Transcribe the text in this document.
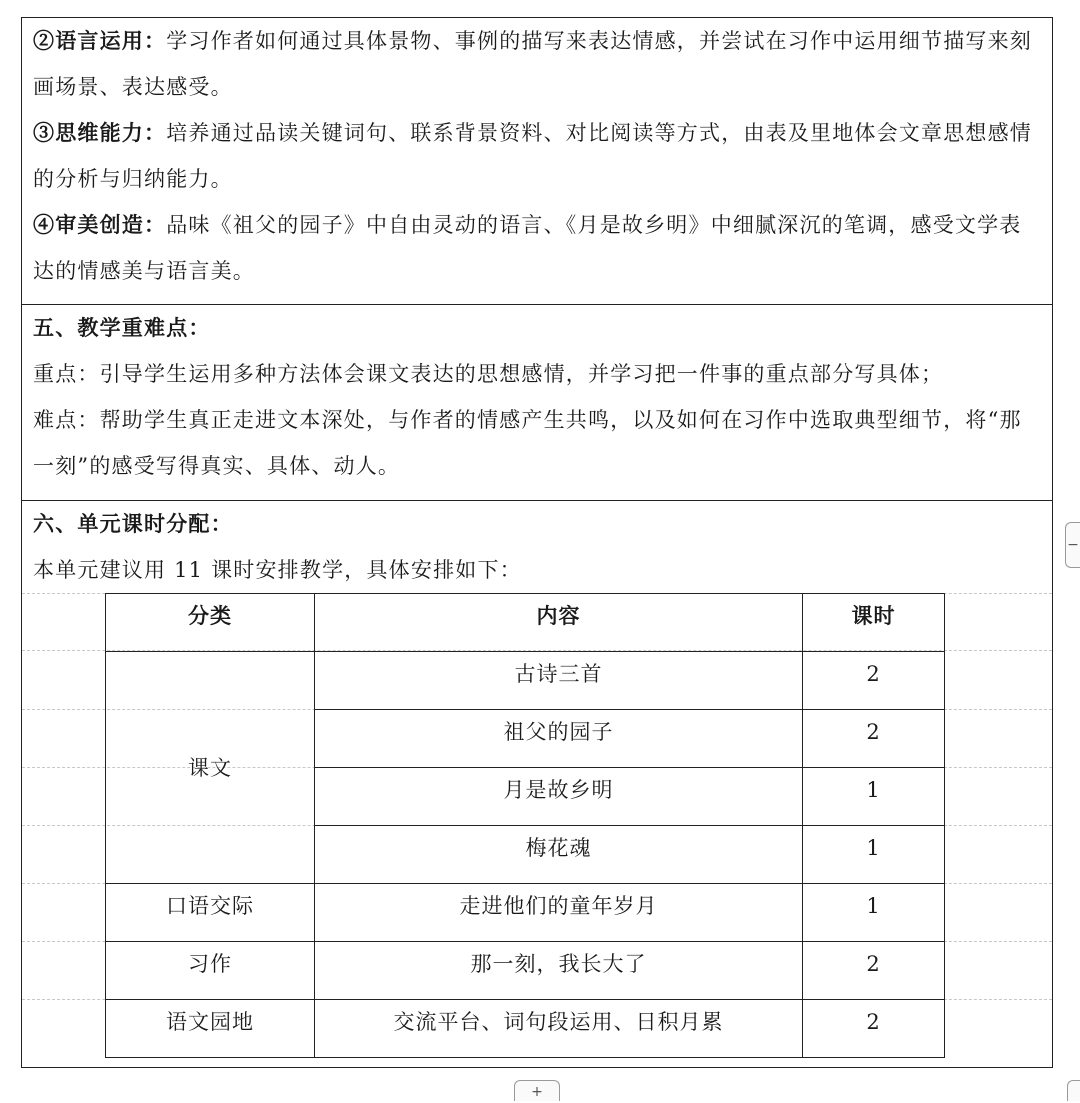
②语言运用：学习作者如何通过具体景物、事例的描写来表达情感，并尝试在习作中运用细节描写来刻画场景、表达感受。

③思维能力：培养通过品读关键词句、联系背景资料、对比阅读等方式，由表及里地体会文章思想感情的分析与归纳能力。

④审美创造：品味《祖父的园子》中自由灵动的语言、《月是故乡明》中细腻深沉的笔调，感受文学表达的情感美与语言美。

五、教学重难点：

重点：引导学生运用多种方法体会课文表达的思想感情，并学习把一件事的重点部分写具体；

难点：帮助学生真正走进文本深处，与作者的情感产生共鸣，以及如何在习作中选取典型细节，将“那一刻”的感受写得真实、具体、动人。

六、单元课时分配：

本单元建议用 11 课时安排教学，具体安排如下：

分类	内容	课时
课文	古诗三首	2
祖父的园子	2
月是故乡明	1
梅花魂	1
口语交际	走进他们的童年岁月	1
习作	那一刻，我长大了	2
语文园地	交流平台、词句段运用、日积月累	2
−
+
